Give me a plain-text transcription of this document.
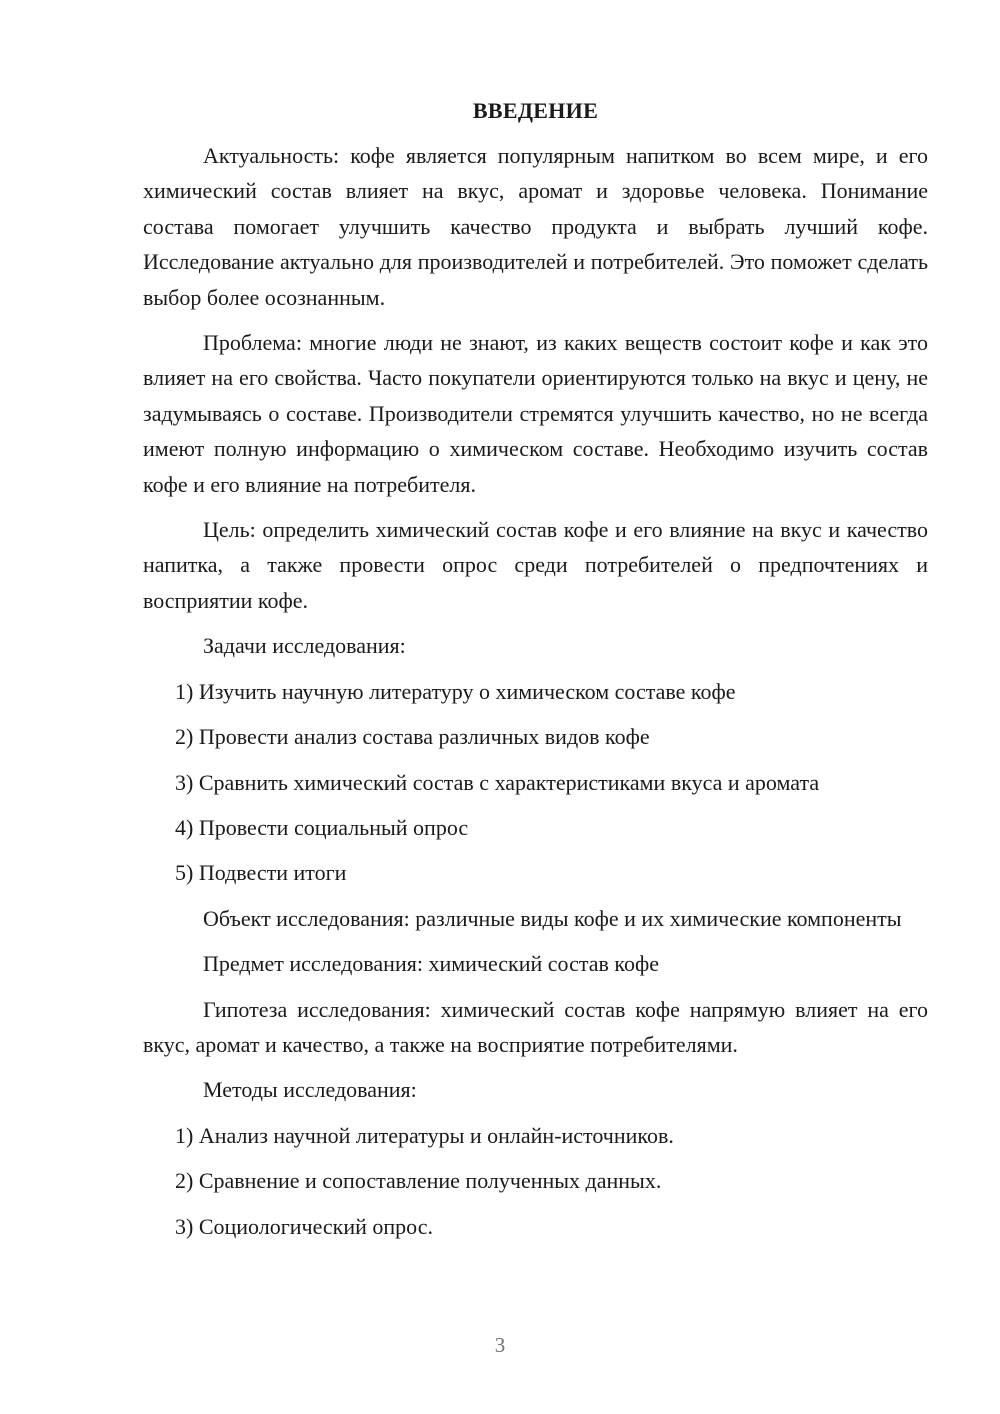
ВВЕДЕНИЕ

Актуальность: кофе является популярным напитком во всем мире, и его химический состав влияет на вкус, аромат и здоровье человека. Понимание состава помогает улучшить качество продукта и выбрать лучший кофе. Исследование актуально для производителей и потребителей. Это поможет сделать выбор более осознанным.

Проблема: многие люди не знают, из каких веществ состоит кофе и как это влияет на его свойства. Часто покупатели ориентируются только на вкус и цену, не задумываясь о составе. Производители стремятся улучшить качество, но не всегда имеют полную информацию о химическом составе. Необходимо изучить состав кофе и его влияние на потребителя.

Цель: определить химический состав кофе и его влияние на вкус и качество напитка, а также провести опрос среди потребителей о предпочтениях и восприятии кофе.

Задачи исследования:

1) Изучить научную литературу о химическом составе кофе
2) Провести анализ состава различных видов кофе
3) Сравнить химический состав с характеристиками вкуса и аромата
4) Провести социальный опрос
5) Подвести итоги

Объект исследования: различные виды кофе и их химические компоненты

Предмет исследования: химический состав кофе

Гипотеза исследования: химический состав кофе напрямую влияет на его вкус, аромат и качество, а также на восприятие потребителями.

Методы исследования:

1) Анализ научной литературы и онлайн-источников.
2) Сравнение и сопоставление полученных данных.
3) Социологический опрос.
3
